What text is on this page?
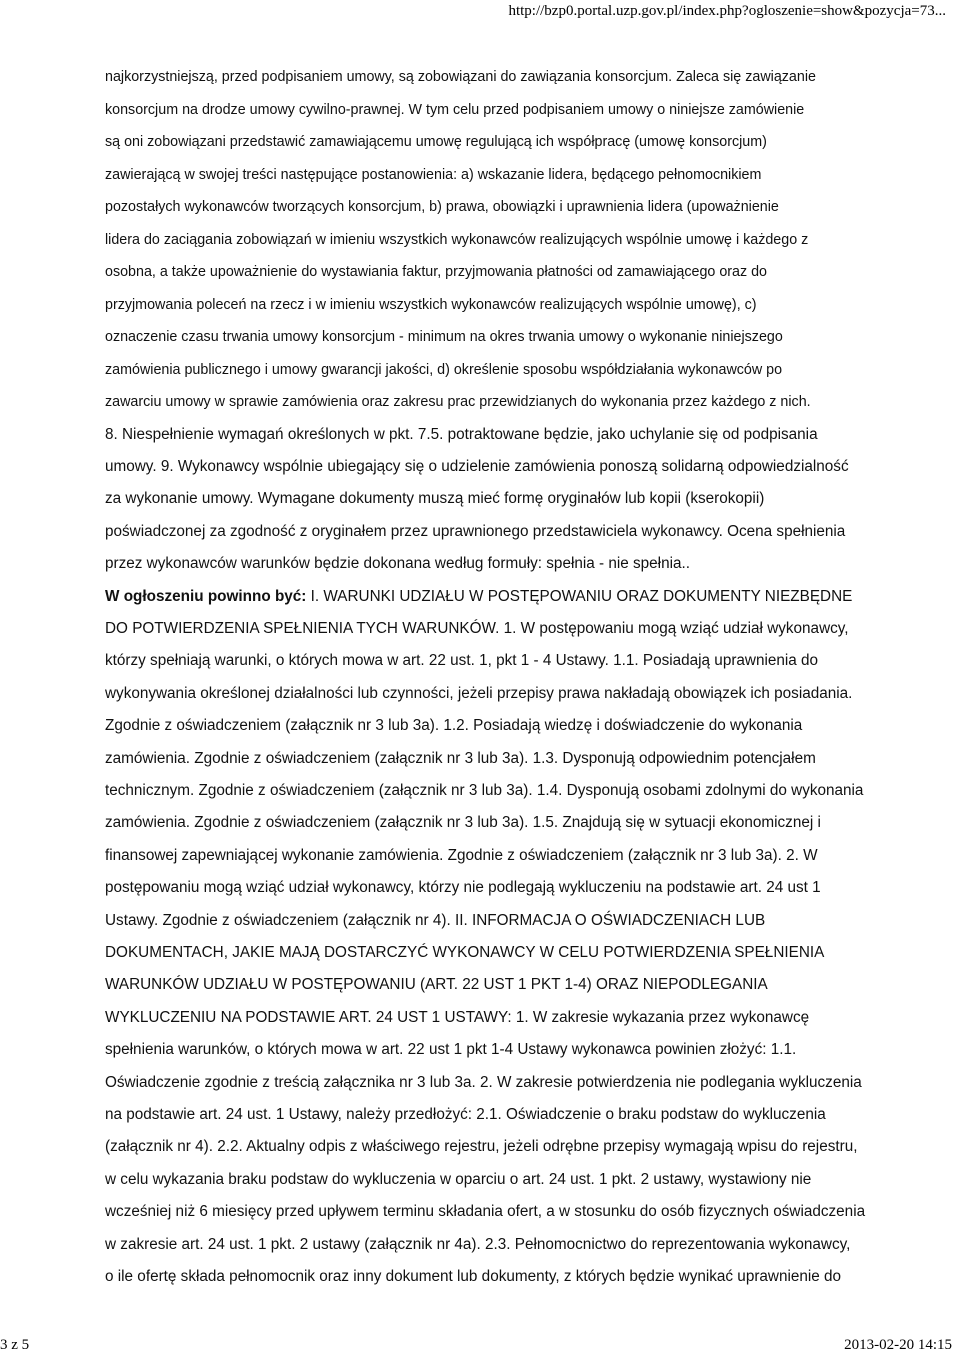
http://bzp0.portal.uzp.gov.pl/index.php?ogloszenie=show&pozycja=73...
najkorzystniejszą, przed podpisaniem umowy, są zobowiązani do zawiązania konsorcjum. Zaleca się zawiązanie
konsorcjum na drodze umowy cywilno-prawnej. W tym celu przed podpisaniem umowy o niniejsze zamówienie
są oni zobowiązani przedstawić zamawiającemu umowę regulującą ich współpracę (umowę konsorcjum)
zawierającą w swojej treści następujące postanowienia: a) wskazanie lidera, będącego pełnomocnikiem
pozostałych wykonawców tworzących konsorcjum, b) prawa, obowiązki i uprawnienia lidera (upoważnienie
lidera do zaciągania zobowiązań w imieniu wszystkich wykonawców realizujących wspólnie umowę i każdego z
osobna, a także upoważnienie do wystawiania faktur, przyjmowania płatności od zamawiającego oraz do
przyjmowania poleceń na rzecz i w imieniu wszystkich wykonawców realizujących wspólnie umowę), c)
oznaczenie czasu trwania umowy konsorcjum - minimum na okres trwania umowy o wykonanie niniejszego
zamówienia publicznego i umowy gwarancji jakości, d) określenie sposobu współdziałania wykonawców po
zawarciu umowy w sprawie zamówienia oraz zakresu prac przewidzianych do wykonania przez każdego z nich.
8. Niespełnienie wymagań określonych w pkt. 7.5. potraktowane będzie, jako uchylanie się od podpisania
umowy. 9. Wykonawcy wspólnie ubiegający się o udzielenie zamówienia ponoszą solidarną odpowiedzialność
za wykonanie umowy. Wymagane dokumenty muszą mieć formę oryginałów lub kopii (kserokopii)
poświadczonej za zgodność z oryginałem przez uprawnionego przedstawiciela wykonawcy. Ocena spełnienia
przez wykonawców warunków będzie dokonana według formuły: spełnia - nie spełnia..
W ogłoszeniu powinno być: I. WARUNKI UDZIAŁU W POSTĘPOWANIU ORAZ DOKUMENTY NIEZBĘDNE
DO POTWIERDZENIA SPEŁNIENIA TYCH WARUNKÓW. 1. W postępowaniu mogą wziąć udział wykonawcy,
którzy spełniają warunki, o których mowa w art. 22 ust. 1, pkt 1 - 4 Ustawy. 1.1. Posiadają uprawnienia do
wykonywania określonej działalności lub czynności, jeżeli przepisy prawa nakładają obowiązek ich posiadania.
Zgodnie z oświadczeniem (załącznik nr 3 lub 3a). 1.2. Posiadają wiedzę i doświadczenie do wykonania
zamówienia. Zgodnie z oświadczeniem (załącznik nr 3 lub 3a). 1.3. Dysponują odpowiednim potencjałem
technicznym. Zgodnie z oświadczeniem (załącznik nr 3 lub 3a). 1.4. Dysponują osobami zdolnymi do wykonania
zamówienia. Zgodnie z oświadczeniem (załącznik nr 3 lub 3a). 1.5. Znajdują się w sytuacji ekonomicznej i
finansowej zapewniającej wykonanie zamówienia. Zgodnie z oświadczeniem (załącznik nr 3 lub 3a). 2. W
postępowaniu mogą wziąć udział wykonawcy, którzy nie podlegają wykluczeniu na podstawie art. 24 ust 1
Ustawy. Zgodnie z oświadczeniem (załącznik nr 4). II. INFORMACJA O OŚWIADCZENIACH LUB
DOKUMENTACH, JAKIE MAJĄ DOSTARCZYĆ WYKONAWCY W CELU POTWIERDZENIA SPEŁNIENIA
WARUNKÓW UDZIAŁU W POSTĘPOWANIU (ART. 22 UST 1 PKT 1-4) ORAZ NIEPODLEGANIA
WYKLUCZENIU NA PODSTAWIE ART. 24 UST 1 USTAWY: 1. W zakresie wykazania przez wykonawcę
spełnienia warunków, o których mowa w art. 22 ust 1 pkt 1-4 Ustawy wykonawca powinien złożyć: 1.1.
Oświadczenie zgodnie z treścią załącznika nr 3 lub 3a. 2. W zakresie potwierdzenia nie podlegania wykluczenia
na podstawie art. 24 ust. 1 Ustawy, należy przedłożyć: 2.1. Oświadczenie o braku podstaw do wykluczenia
(załącznik nr 4). 2.2. Aktualny odpis z właściwego rejestru, jeżeli odrębne przepisy wymagają wpisu do rejestru,
w celu wykazania braku podstaw do wykluczenia w oparciu o art. 24 ust. 1 pkt. 2 ustawy, wystawiony nie
wcześniej niż 6 miesięcy przed upływem terminu składania ofert, a w stosunku do osób fizycznych oświadczenia
w zakresie art. 24 ust. 1 pkt. 2 ustawy (załącznik nr 4a). 2.3. Pełnomocnictwo do reprezentowania wykonawcy,
o ile ofertę składa pełnomocnik oraz inny dokument lub dokumenty, z których będzie wynikać uprawnienie do
3 z 5	2013-02-20 14:15
